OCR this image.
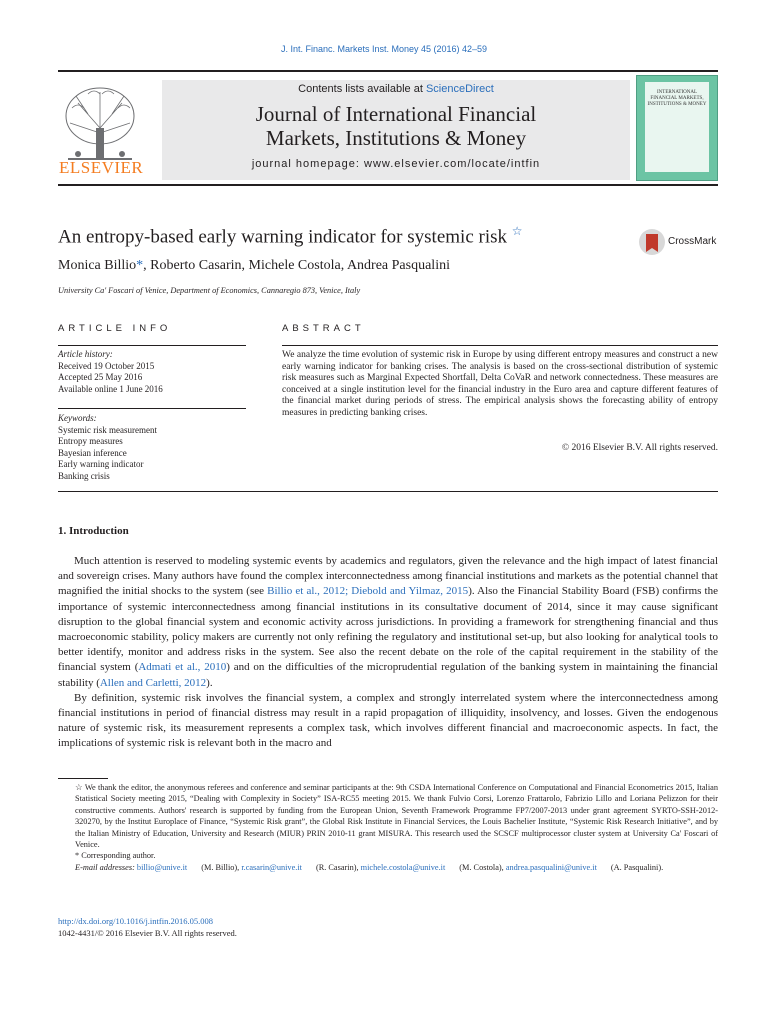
J. Int. Financ. Markets Inst. Money 45 (2016) 42–59
ELSEVIER
Contents lists available at ScienceDirect
Journal of International Financial
Markets, Institutions & Money
journal homepage: www.elsevier.com/locate/intfin
INTERNATIONAL FINANCIAL MARKETS, INSTITUTIONS & MONEY
An entropy-based early warning indicator for systemic risk ☆
CrossMark
Monica Billio*, Roberto Casarin, Michele Costola, Andrea Pasqualini
University Ca' Foscari of Venice, Department of Economics, Cannaregio 873, Venice, Italy
ARTICLE INFO	ABSTRACT
Article history:
Received 19 October 2015
Accepted 25 May 2016
Available online 1 June 2016
Keywords:
Systemic risk measurement
Entropy measures
Bayesian inference
Early warning indicator
Banking crisis
We analyze the time evolution of systemic risk in Europe by using different entropy measures and construct a new early warning indicator for banking crises. The analysis is based on the cross-sectional distribution of systemic risk measures such as Marginal Expected Shortfall, Delta CoVaR and network connectedness. These measures are conceived at a single institution level for the financial industry in the Euro area and capture different features of the financial market during periods of stress. The empirical analysis shows the forecasting ability of entropy measures in predicting banking crises.
© 2016 Elsevier B.V. All rights reserved.
1. Introduction

Much attention is reserved to modeling systemic events by academics and regulators, given the relevance and the high impact of latest financial and sovereign crises. Many authors have found the complex interconnectedness among financial institutions and markets as the potential channel that magnified the initial shocks to the system (see Billio et al., 2012; Diebold and Yilmaz, 2015). Also the Financial Stability Board (FSB) confirms the importance of systemic interconnectedness among financial institutions in its consultative document of 2014, since it may cause significant disruption to the global financial system and economic activity across jurisdictions. In providing a framework for strengthening financial and thus macroeconomic stability, policy makers are currently not only refining the regulatory and institutional set-up, but also looking for analytical tools to better identify, monitor and address risks in the system. See also the recent debate on the role of the capital requirement in the stability of the financial system (Admati et al., 2010) and on the difficulties of the microprudential regulation of the banking system in maintaining the financial stability (Allen and Carletti, 2012).

By definition, systemic risk involves the financial system, a complex and strongly interrelated system where the interconnectedness among financial institutions in period of financial distress may result in a rapid propagation of illiquidity, insolvency, and losses. Given the endogenous nature of systemic risk, its measurement represents a complex task, which involves different financial and macroeconomic aspects. In fact, the implications of systemic risk is relevant both in the macro and

☆ We thank the editor, the anonymous referees and conference and seminar participants at the: 9th CSDA International Conference on Computational and Financial Econometrics 2015, Italian Statistical Society meeting 2015, “Dealing with Complexity in Society” ISA-RC55 meeting 2015. We thank Fulvio Corsi, Lorenzo Frattarolo, Fabrizio Lillo and Loriana Pelizzon for their constructive comments. Authors' research is supported by funding from the European Union, Seventh Framework Programme FP7/2007-2013 under grant agreement SYRTO-SSH-2012-320270, by the Institut Europlace of Finance, “Systemic Risk grant”, the Global Risk Institute in Financial Services, the Louis Bachelier Institute, “Systemic Risk Research Initiative”, and by the Italian Ministry of Education, University and Research (MIUR) PRIN 2010-11 grant MISURA. This research used the SCSCF multiprocessor cluster system at University Ca' Foscari of Venice.
* Corresponding author.
E-mail addresses: billio@unive.it (M. Billio), r.casarin@unive.it (R. Casarin), michele.costola@unive.it (M. Costola), andrea.pasqualini@unive.it (A. Pasqualini).
http://dx.doi.org/10.1016/j.intfin.2016.05.008
1042-4431/© 2016 Elsevier B.V. All rights reserved.
